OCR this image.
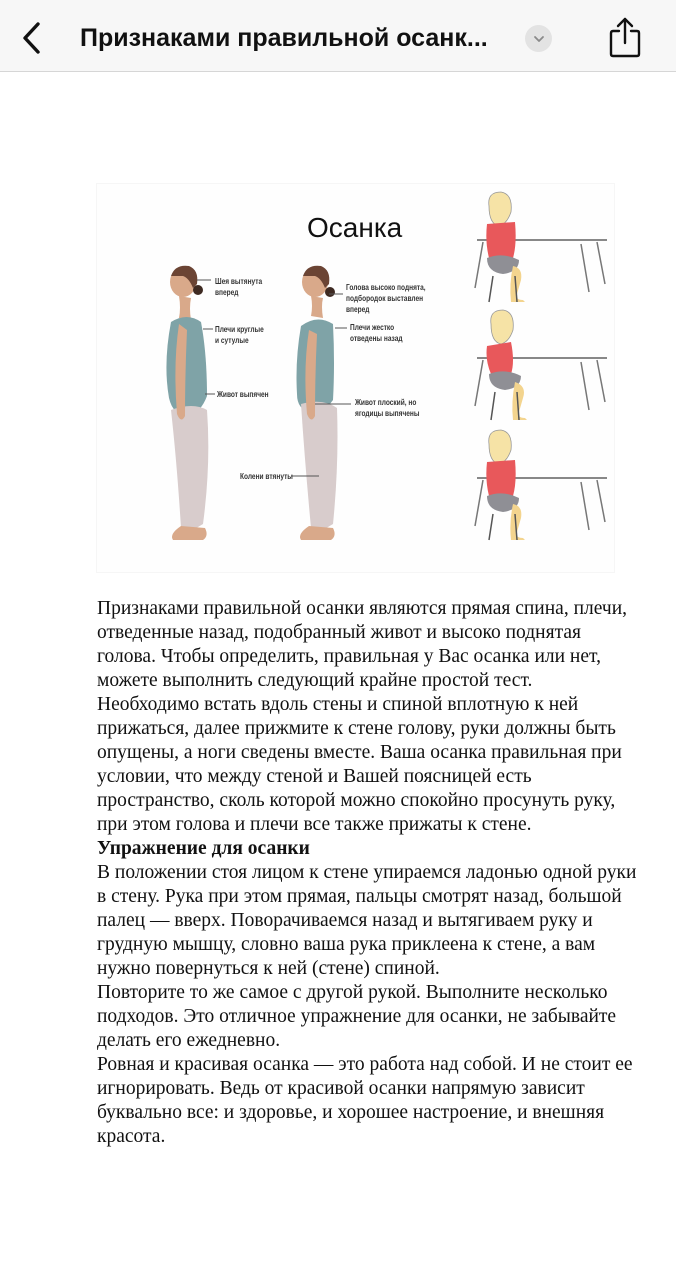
Признаками правильной осанк...
Осанка
Шея вытянута
вперед
Плечи круглые
и сутулые
Живот выпячен
Голова высоко поднята,
подбородок выставлен
вперед
Плечи жестко
отведены назад
Живот плоский, но
ягодицы выпячены
Колени втянуты

Признаками правильной осанки являются прямая спина, плечи, отведенные назад, подобранный живот и высоко поднятая голова. Чтобы определить, правильная у Вас осанка или нет, можете выполнить следующий крайне простой тест. Необходимо встать вдоль стены и спиной вплотную к ней прижаться, далее прижмите к стене голову, руки должны быть опущены, а ноги сведены вместе. Ваша осанка правильная при условии, что между стеной и Вашей поясницей есть пространство, сколь которой можно спокойно просунуть руку, при этом голова и плечи все также прижаты к стене.

Упражнение для осанки

В положении стоя лицом к стене упираемся ладонью одной руки в стену. Рука при этом прямая, пальцы смотрят назад, большой палец — вверх. Поворачиваемся назад и вытягиваем руку и грудную мышцу, словно ваша рука приклеена к стене, а вам нужно повернуться к ней (стене) спиной.

Повторите то же самое с другой рукой. Выполните несколько подходов. Это отличное упражнение для осанки, не забывайте делать его ежедневно.

Ровная и красивая осанка — это работа над собой. И не стоит ее игнорировать. Ведь от красивой осанки напрямую зависит буквально все: и здоровье, и хорошее настроение, и внешняя красота.
